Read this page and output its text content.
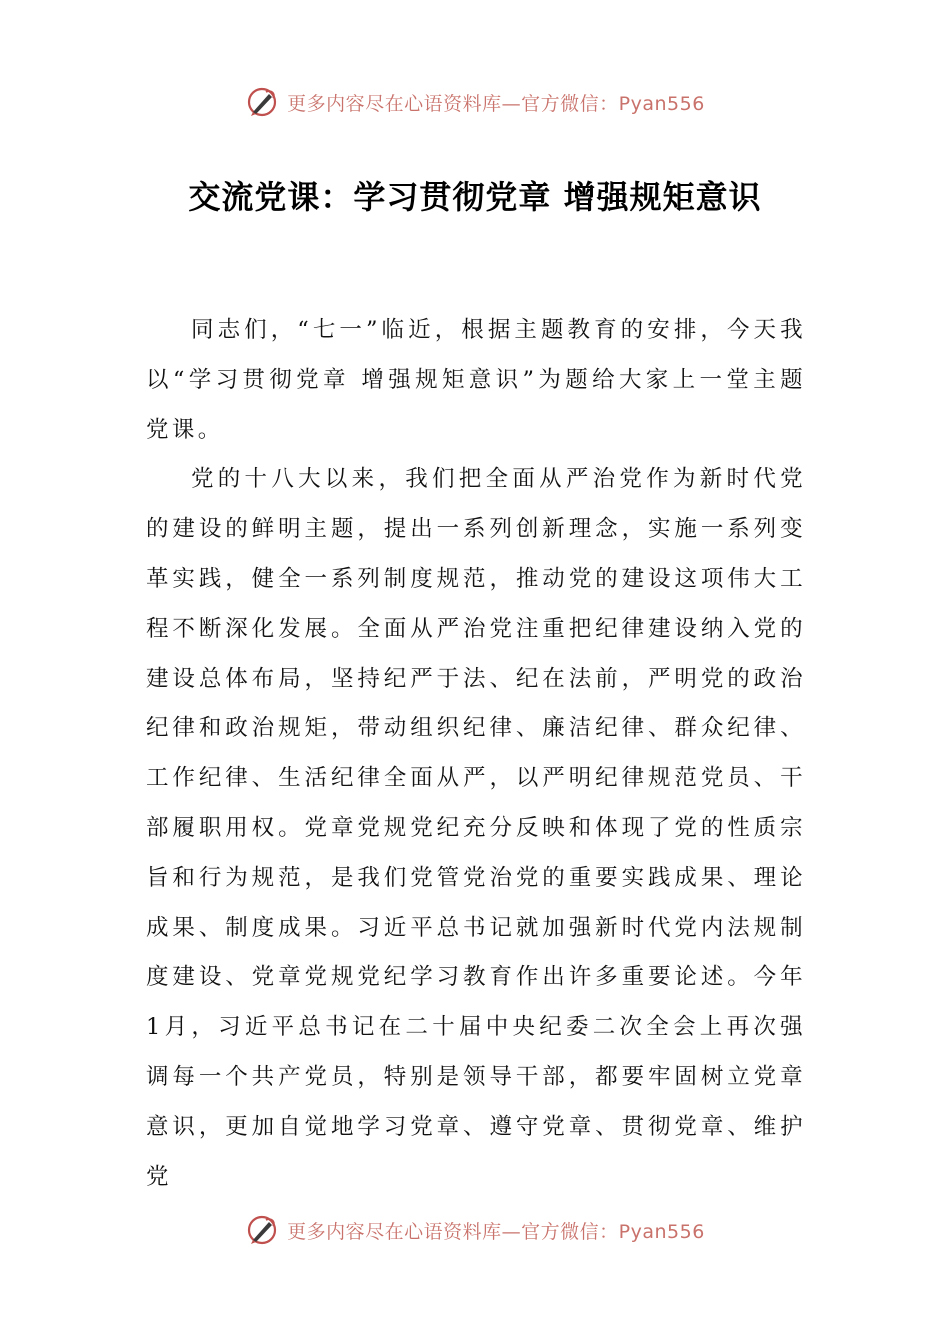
更多内容尽在心语资料库—官方微信：Pyan556
交流党课：学习贯彻党章 增强规矩意识

同志们，“七一”临近，根据主题教育的安排，今天我以“学习贯彻党章 增强规矩意识”为题给大家上一堂主题党课。

党的十八大以来，我们把全面从严治党作为新时代党的建设的鲜明主题，提出一系列创新理念，实施一系列变革实践，健全一系列制度规范，推动党的建设这项伟大工程不断深化发展。全面从严治党注重把纪律建设纳入党的建设总体布局，坚持纪严于法、纪在法前，严明党的政治纪律和政治规矩，带动组织纪律、廉洁纪律、群众纪律、工作纪律、生活纪律全面从严，以严明纪律规范党员、干部履职用权。党章党规党纪充分反映和体现了党的性质宗旨和行为规范，是我们党管党治党的重要实践成果、理论成果、制度成果。习近平总书记就加强新时代党内法规制度建设、党章党规党纪学习教育作出许多重要论述。今年1月，习近平总书记在二十届中央纪委二次全会上再次强调每一个共产党员，特别是领导干部，都要牢固树立党章意识，更加自觉地学习党章、遵守党章、贯彻党章、维护党

更多内容尽在心语资料库—官方微信：Pyan556
